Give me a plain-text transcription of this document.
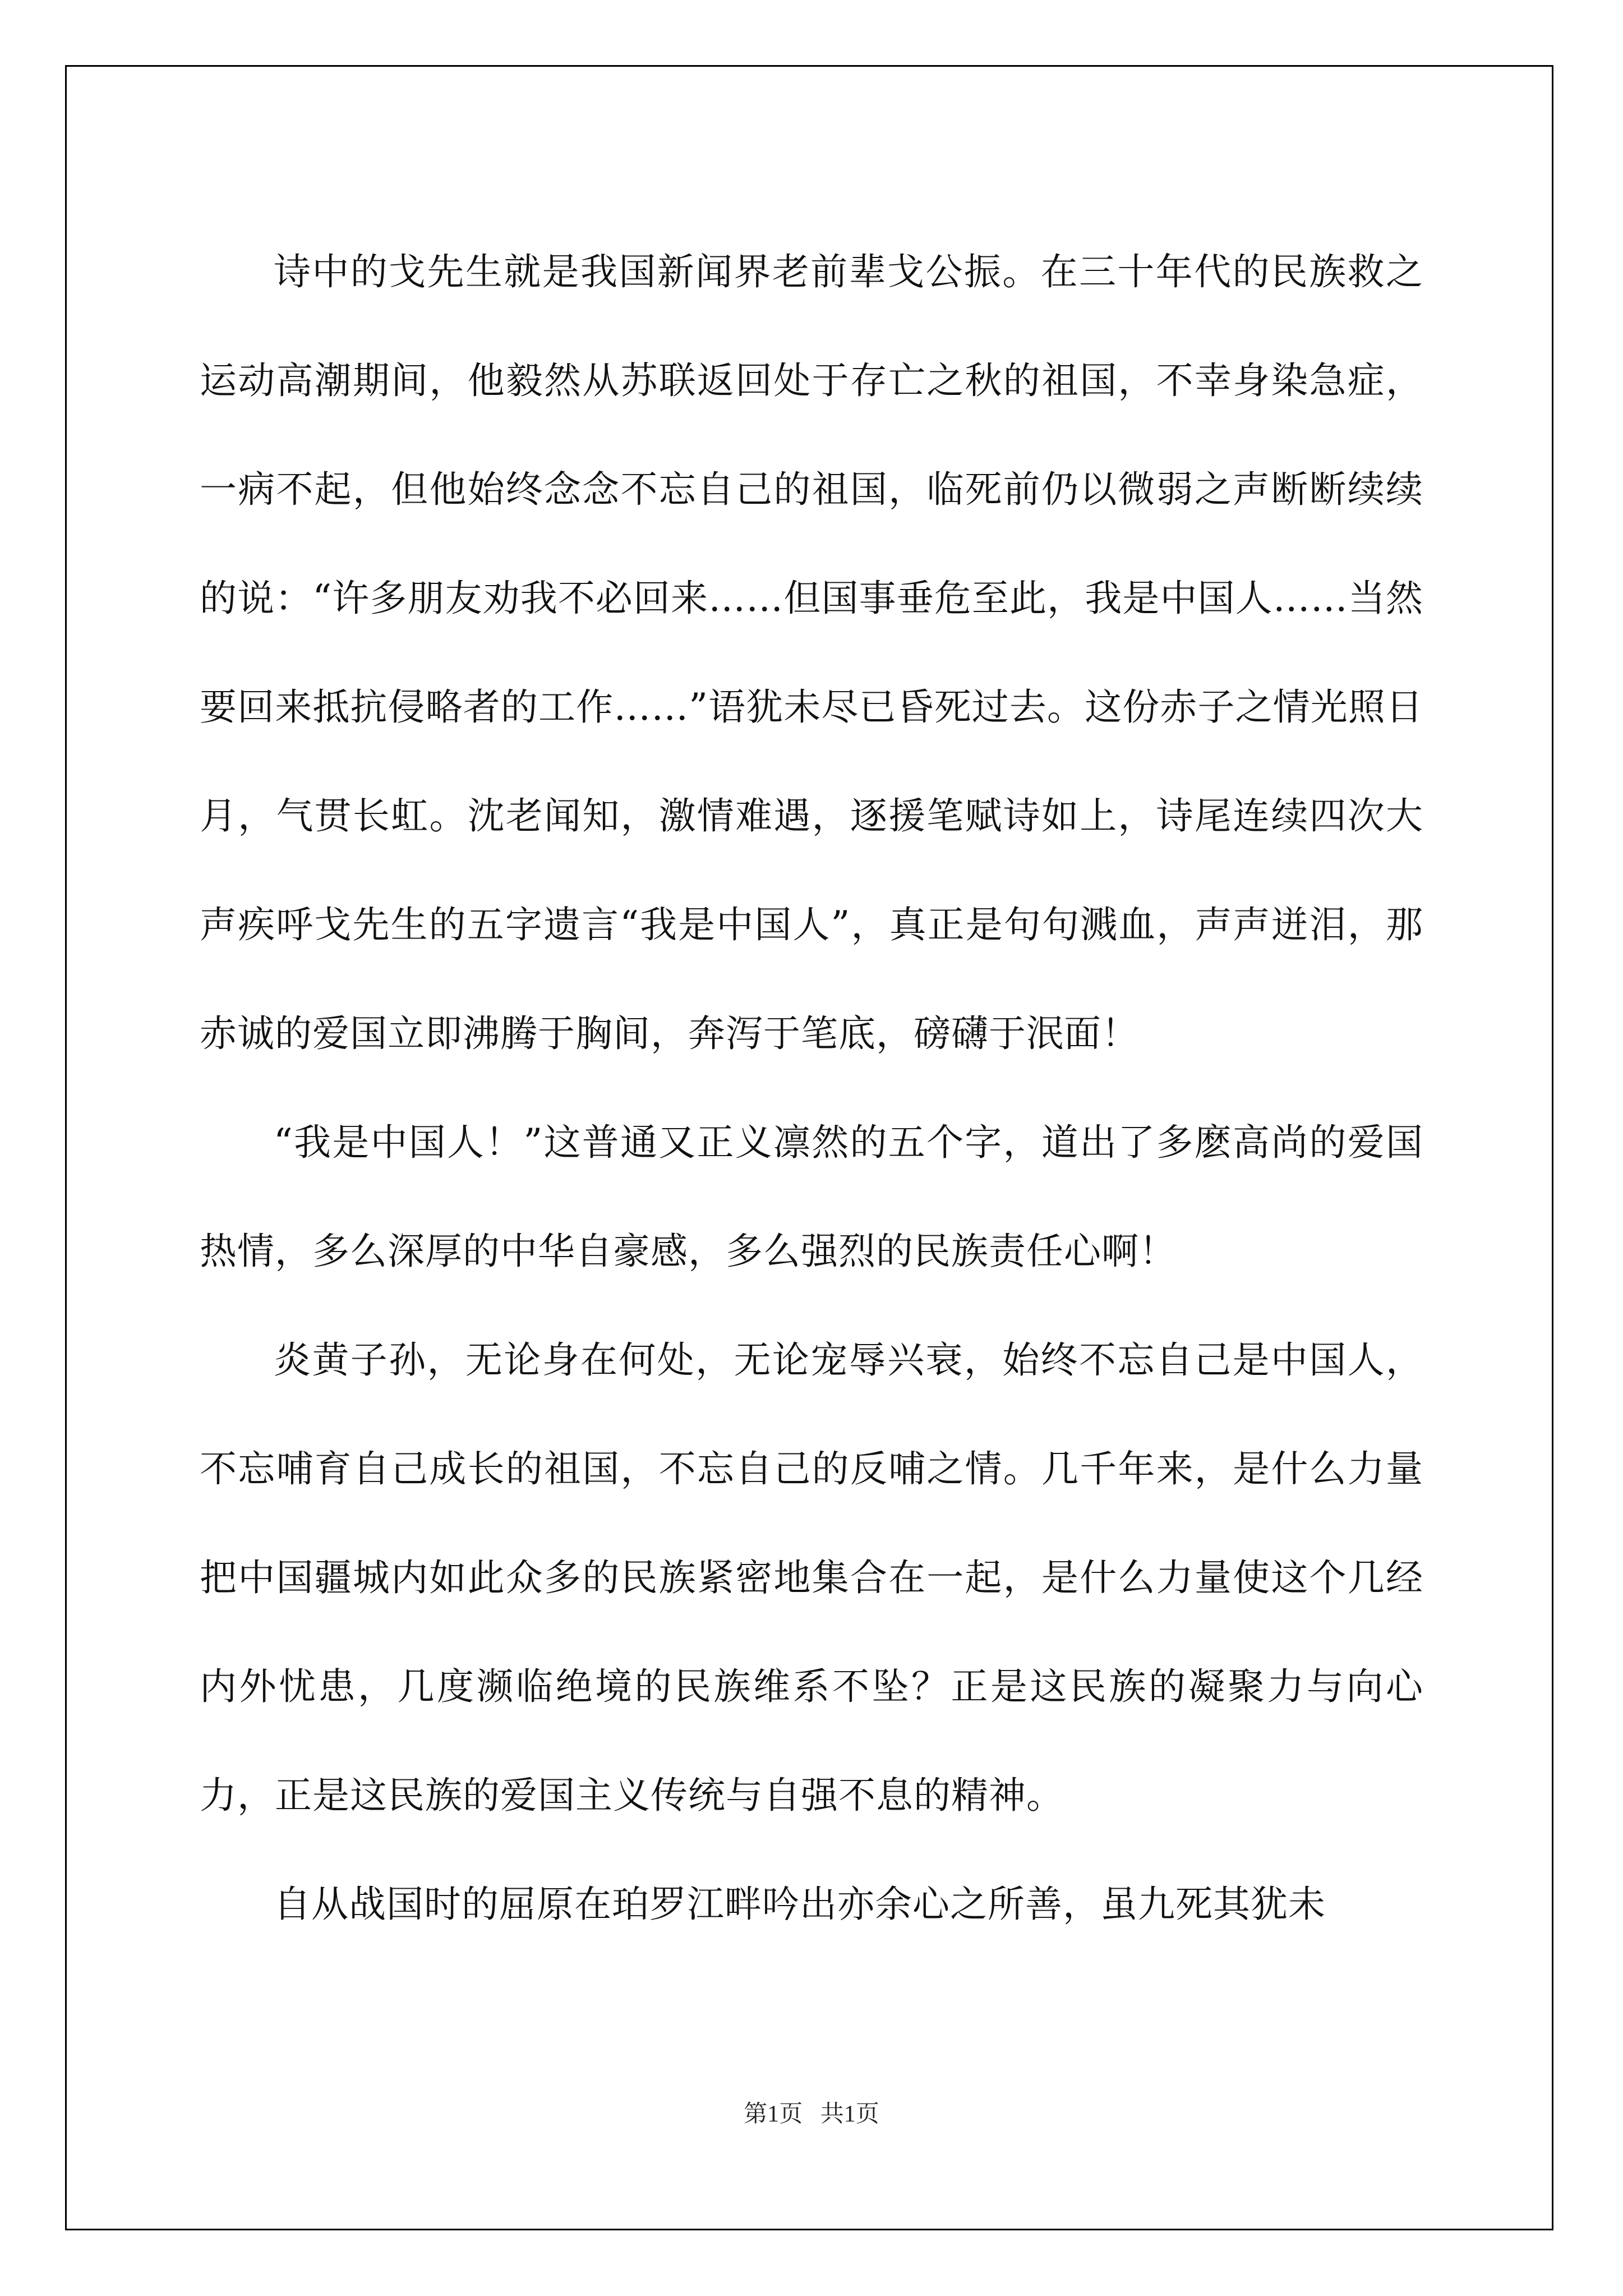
诗中的戈先生就是我国新闻界老前辈戈公振。在三十年代的民族救之运动高潮期间，他毅然从苏联返回处于存亡之秋的祖国，不幸身染急症，一病不起，但他始终念念不忘自己的祖国，临死前仍以微弱之声断断续续的说：“许多朋友劝我不必回来……但国事垂危至此，我是中国人……当然要回来抵抗侵略者的工作……”语犹未尽已昏死过去。这份赤子之情光照日月，气贯长虹。沈老闻知，激情难遇，逐援笔赋诗如上，诗尾连续四次大声疾呼戈先生的五字遗言“我是中国人”，真正是句句溅血，声声迸泪，那赤诚的爱国立即沸腾于胸间，奔泻于笔底，磅礴于泯面！

“我是中国人！”这普通又正义凛然的五个字，道出了多麽高尚的爱国热情，多么深厚的中华自豪感，多么强烈的民族责任心啊！

炎黄子孙，无论身在何处，无论宠辱兴衰，始终不忘自己是中国人，不忘哺育自己成长的祖国，不忘自己的反哺之情。几千年来，是什么力量把中国疆城内如此众多的民族紧密地集合在一起，是什么力量使这个几经内外忧患，几度濒临绝境的民族维系不坠？正是这民族的凝聚力与向心力，正是这民族的爱国主义传统与自强不息的精神。

自从战国时的屈原在珀罗江畔吟出亦余心之所善，虽九死其犹未

第1页   共1页
